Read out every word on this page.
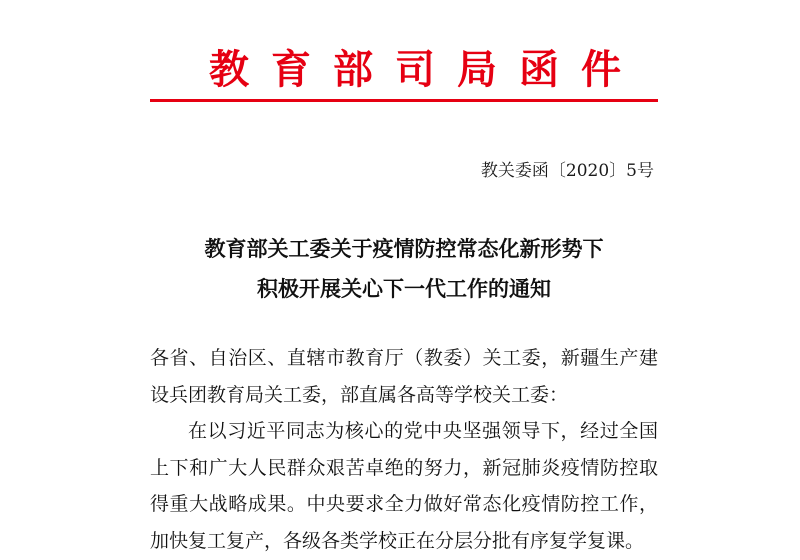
教育部司局函件
教关委函〔2020〕5号
教育部关工委关于疫情防控常态化新形势下
积极开展关心下一代工作的通知

各省、自治区、直辖市教育厅（教委）关工委，新疆生产建设兵团教育局关工委，部直属各高等学校关工委：

在以习近平同志为核心的党中央坚强领导下，经过全国上下和广大人民群众艰苦卓绝的努力，新冠肺炎疫情防控取得重大战略成果。中央要求全力做好常态化疫情防控工作，加快复工复产，各级各类学校正在分层分批有序复学复课。
